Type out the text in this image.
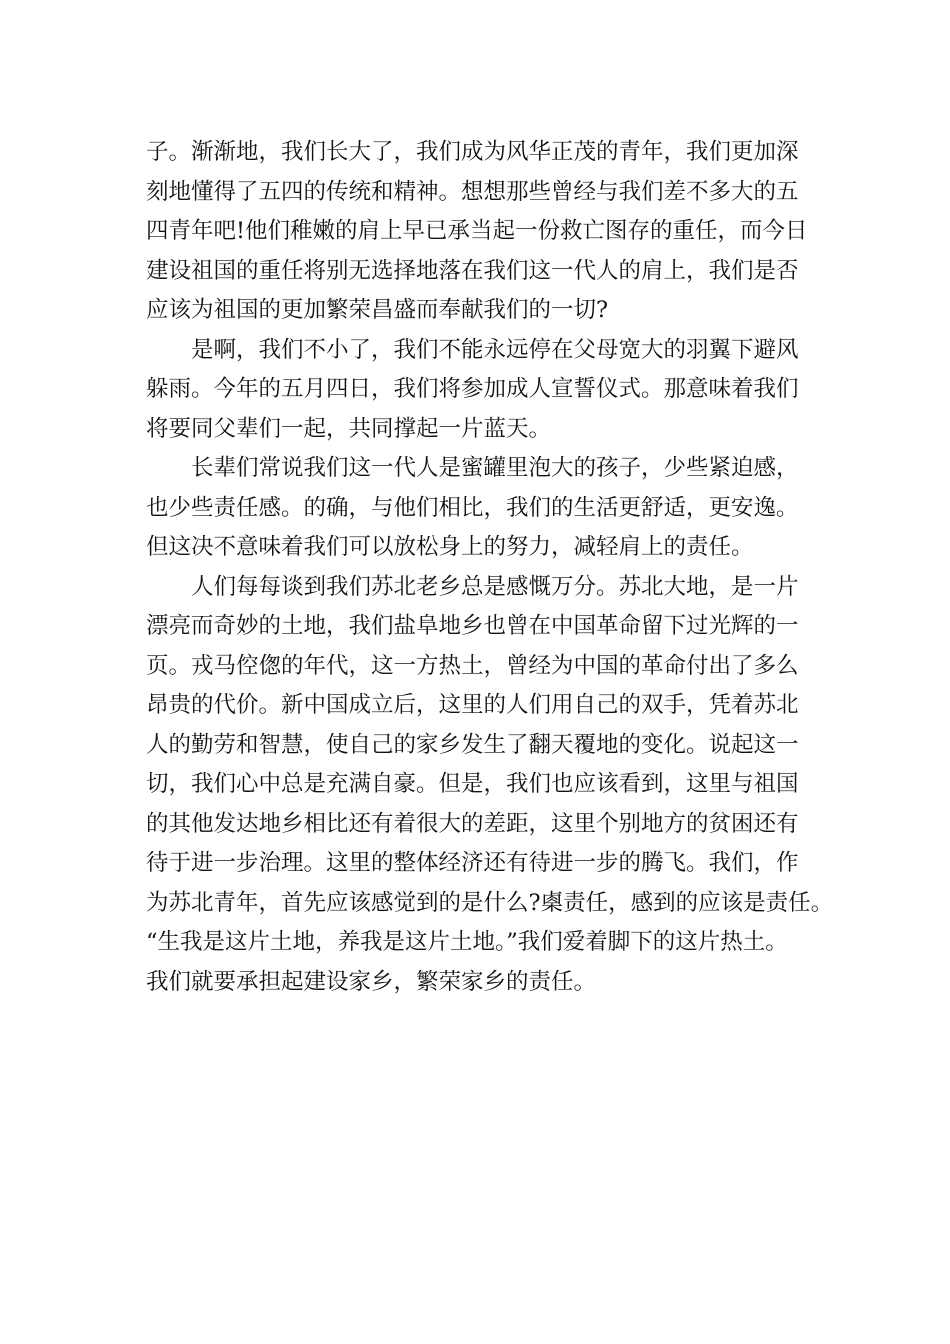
子。渐渐地，我们长大了，我们成为风华正茂的青年，我们更加深
刻地懂得了五四的传统和精神。想想那些曾经与我们差不多大的五
四青年吧!他们稚嫩的肩上早已承当起一份救亡图存的重任，而今日
建设祖国的重任将别无选择地落在我们这一代人的肩上，我们是否
应该为祖国的更加繁荣昌盛而奉献我们的一切?
是啊，我们不小了，我们不能永远停在父母宽大的羽翼下避风
躲雨。今年的五月四日，我们将参加成人宣誓仪式。那意味着我们
将要同父辈们一起，共同撑起一片蓝天。
长辈们常说我们这一代人是蜜罐里泡大的孩子，少些紧迫感，
也少些责任感。的确，与他们相比，我们的生活更舒适，更安逸。
但这决不意味着我们可以放松身上的努力，减轻肩上的责任。
人们每每谈到我们苏北老乡总是感慨万分。苏北大地，是一片
漂亮而奇妙的土地，我们盐阜地乡也曾在中国革命留下过光辉的一
页。戎马倥偬的年代，这一方热土，曾经为中国的革命付出了多么
昂贵的代价。新中国成立后，这里的人们用自己的双手，凭着苏北
人的勤劳和智慧，使自己的家乡发生了翻天覆地的变化。说起这一
切，我们心中总是充满自豪。但是，我们也应该看到，这里与祖国
的其他发达地乡相比还有着很大的差距，这里个别地方的贫困还有
待于进一步治理。这里的整体经济还有待进一步的腾飞。我们，作
为苏北青年，首先应该感觉到的是什么?㮚责任，感到的应该是责任。
“生我是这片土地，养我是这片土地。”我们爱着脚下的这片热土。
我们就要承担起建设家乡，繁荣家乡的责任。
